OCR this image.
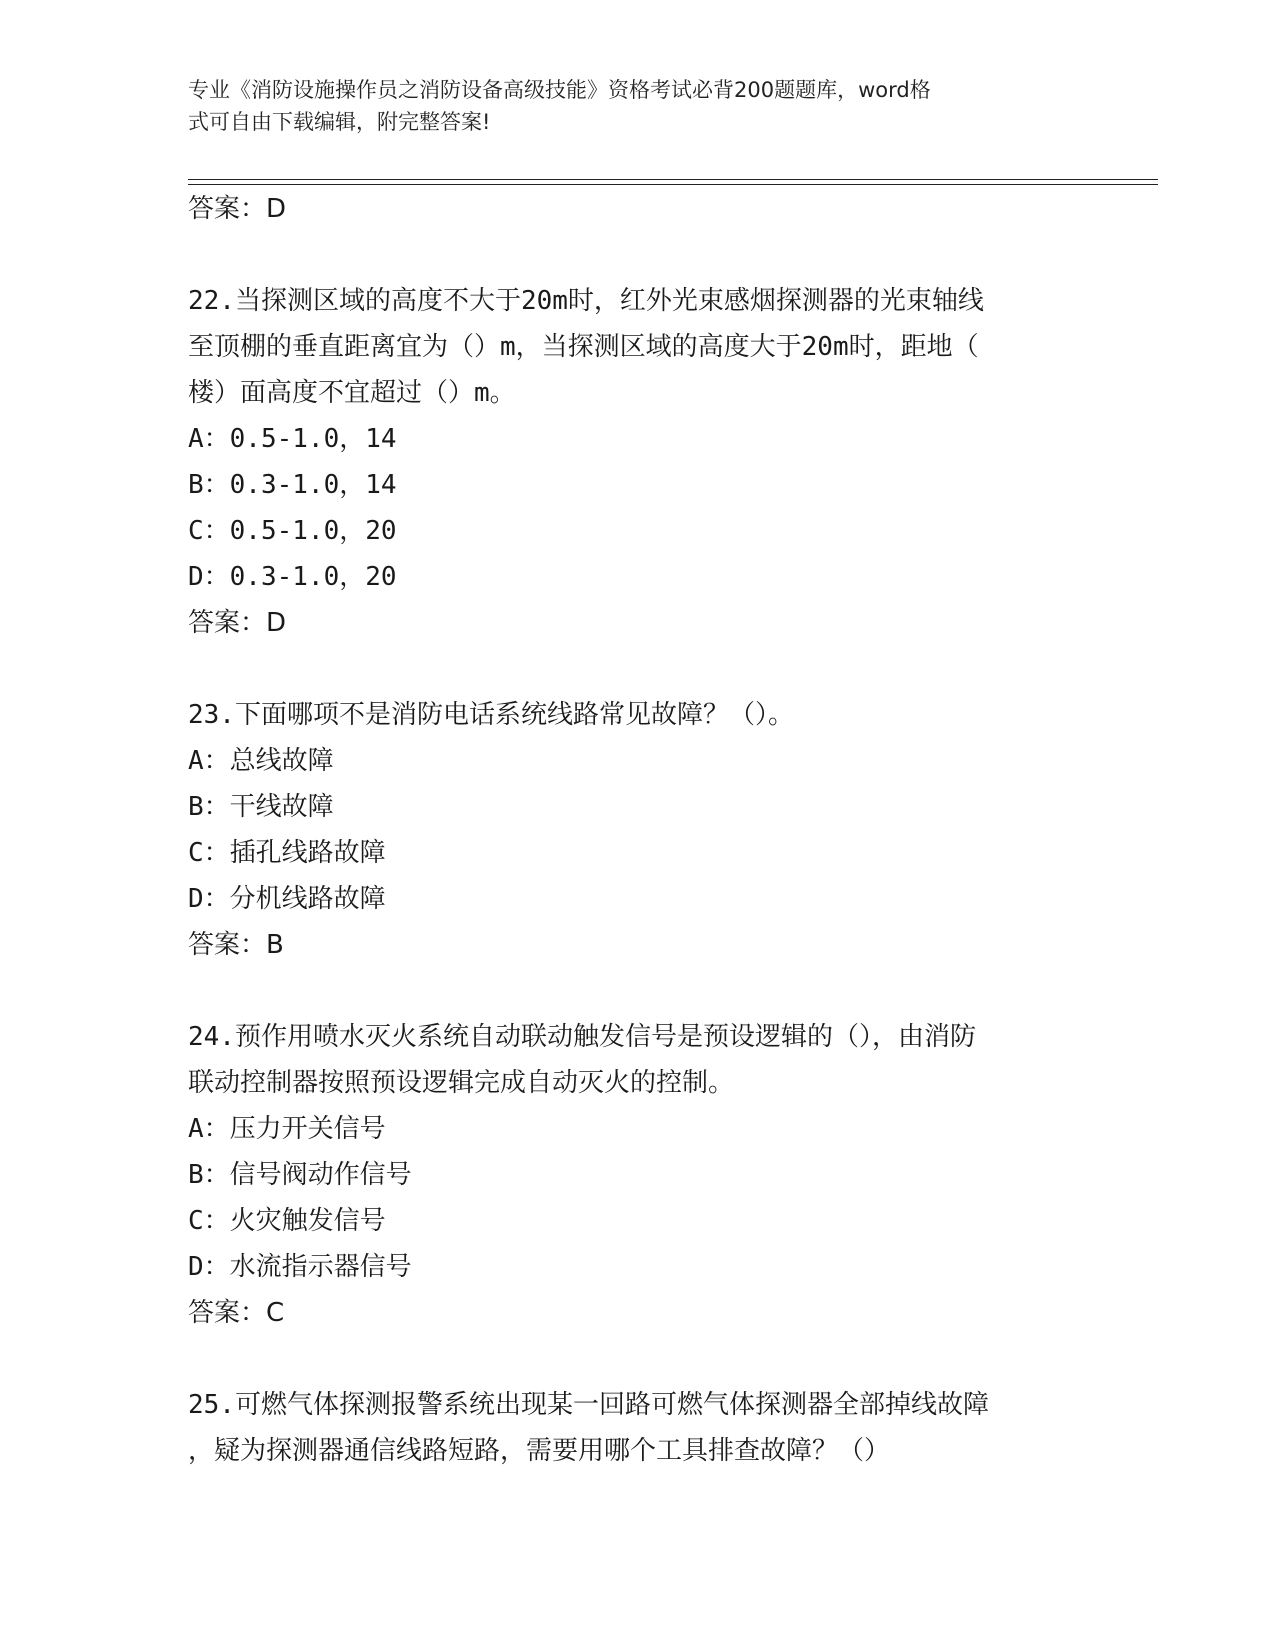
专业《消防设施操作员之消防设备高级技能》资格考试必背200题题库，word格
式可自由下载编辑，附完整答案!
答案：D
22.当探测区域的高度不大于20m时，红外光束感烟探测器的光束轴线
至顶棚的垂直距离宜为（）m，当探测区域的高度大于20m时，距地（
楼）面高度不宜超过（）m。
A：0.5-1.0，14
B：0.3-1.0，14
C：0.5-1.0，20
D：0.3-1.0，20
答案：D
23.下面哪项不是消防电话系统线路常见故障？（）。
A：总线故障
B：干线故障
C：插孔线路故障
D：分机线路故障
答案：B
24.预作用喷水灭火系统自动联动触发信号是预设逻辑的（），由消防
联动控制器按照预设逻辑完成自动灭火的控制。
A：压力开关信号
B：信号阀动作信号
C：火灾触发信号
D：水流指示器信号
答案：C
25.可燃气体探测报警系统出现某一回路可燃气体探测器全部掉线故障
，疑为探测器通信线路短路，需要用哪个工具排查故障？（）
